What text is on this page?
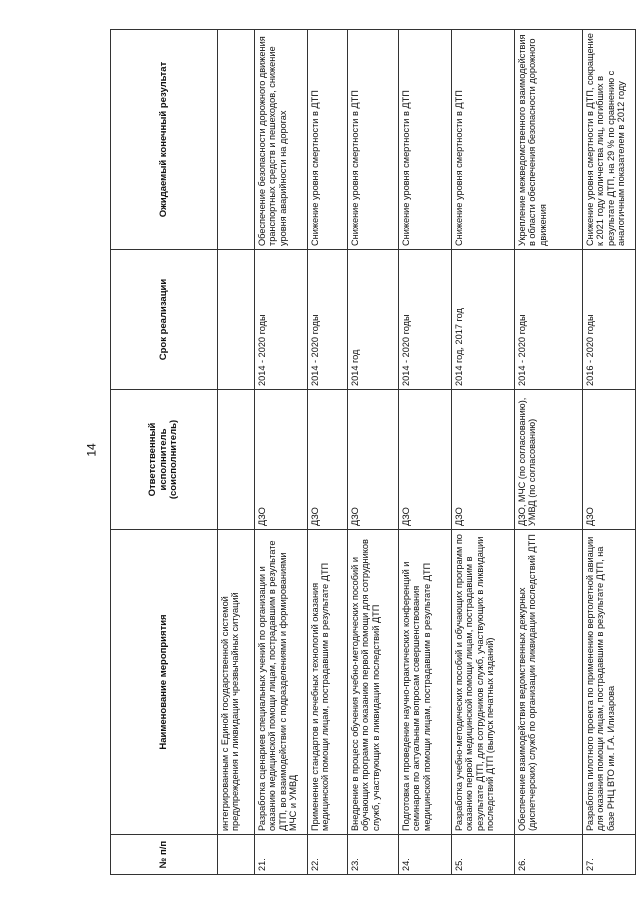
14
№ п/п	Наименование мероприятия	Ответственный исполнитель (соисполнитель)	Срок реализации	Ожидаемый конечный результат
	интегрированным с Единой государственной системой предупреждения и ликвидации чрезвычайных ситуаций			
21.	Разработка сценариев специальных учений по организации и оказанию медицинской помощи лицам, пострадавшим в результате ДТП, во взаимодействии с подразделениями и формированиями МЧС и УМВД	ДЗО	2014 - 2020 годы	Обеспечение безопасности дорожного движения транспортных средств и пешеходов, снижение уровня аварийности на дорогах
22.	Применение стандартов и лечебных технологий оказания медицинской помощи лицам, пострадавшим в результате ДТП	ДЗО	2014 - 2020 годы	Снижение уровня смертности в ДТП
23.	Внедрение в процесс обучения учебно-методических пособий и обучающих программ по оказанию первой помощи для сотрудников служб, участвующих в ликвидации последствий ДТП	ДЗО	2014 год	Снижение уровня смертности в ДТП
24.	Подготовка и проведение научно-практических конференций и семинаров по актуальным вопросам совершенствования медицинской помощи лицам, пострадавшим в результате ДТП	ДЗО	2014 - 2020 годы	Снижение уровня смертности в ДТП
25.	Разработка учебно-методических пособий и обучающих программ по оказанию первой медицинской помощи лицам, пострадавшим в результате ДТП, для сотрудников служб, участвующих в ликвидации последствий ДТП (выпуск печатных изданий)	ДЗО	2014 год, 2017 год	Снижение уровня смертности в ДТП
26.	Обеспечение взаимодействия ведомственных дежурных (диспетчерских) служб по организации ликвидации последствий ДТП	ДЗО, МЧС (по согласованию), УМВД (по согласованию)	2014 - 2020 годы	Укрепление межведомственного взаимодействия в области обеспечения безопасности дорожного движения
27.	Разработка пилотного проекта по применению вертолетной авиации для оказания помощи лицам, пострадавшим в результате ДТП, на базе РНЦ ВТО им. Г.А. Илизарова	ДЗО	2016 - 2020 годы	Снижение уровня смертности в ДТП, сокращение к 2021 году количества лиц, погибших в результате ДТП, на 29 % по сравнению с аналогичным показателем в 2012 году
